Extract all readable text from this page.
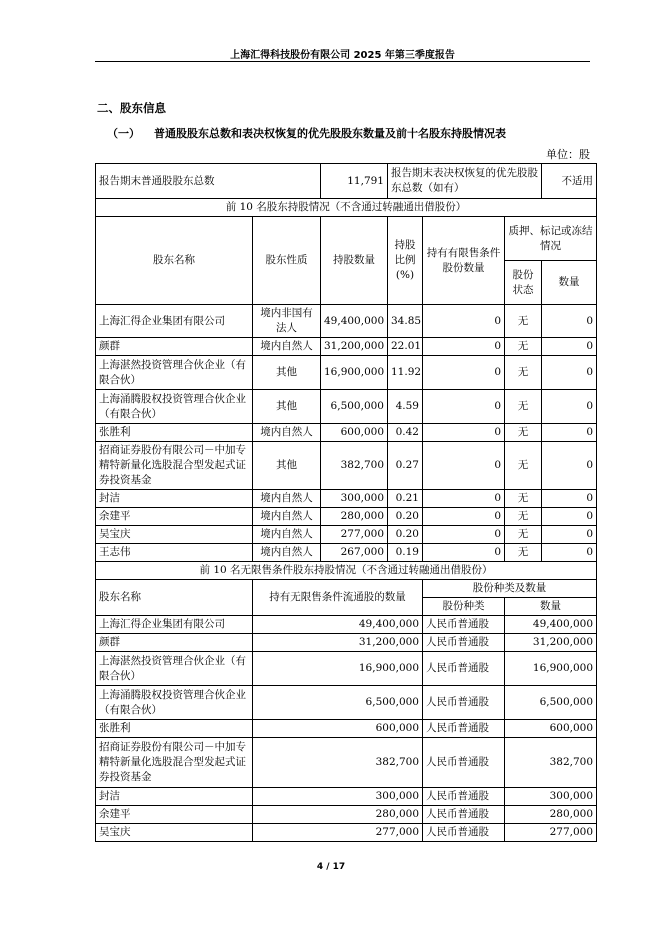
上海汇得科技股份有限公司 2025 年第三季度报告
二、股东信息
（一） 普通股股东总数和表决权恢复的优先股股东数量及前十名股东持股情况表
单位：股
报告期末普通股股东总数		11,791	报告期末表决权恢复的优先股股东总数（如有）			不适用
前 10 名股东持股情况（不含通过转融通出借股份）						
股东名称	股东性质	持股数量	持股比例(%)	持有有限售条件股份数量	质押、标记或冻结情况	
					股份状态	数量
上海汇得企业集团有限公司	境内非国有法人	49,400,000	34.85	0	无	0
颜群	境内自然人	31,200,000	22.01	0	无	0
上海湛然投资管理合伙企业（有限合伙）	其他	16,900,000	11.92	0	无	0
上海涌腾股权投资管理合伙企业（有限合伙）	其他	6,500,000	4.59	0	无	0
张胜利	境内自然人	600,000	0.42	0	无	0
招商证券股份有限公司－中加专精特新量化选股混合型发起式证券投资基金	其他	382,700	0.27	0	无	0
封洁	境内自然人	300,000	0.21	0	无	0
余建平	境内自然人	280,000	0.20	0	无	0
吴宝庆	境内自然人	277,000	0.20	0	无	0
王志伟	境内自然人	267,000	0.19	0	无	0
前 10 名无限售条件股东持股情况（不含通过转融通出借股份）						
股东名称	持有无限售条件流通股的数量			股份种类及数量		
				股份种类	数量	
上海汇得企业集团有限公司	49,400,000			人民币普通股	49,400,000	
颜群	31,200,000			人民币普通股	31,200,000	
上海湛然投资管理合伙企业（有限合伙）	16,900,000			人民币普通股	16,900,000	
上海涌腾股权投资管理合伙企业（有限合伙）	6,500,000			人民币普通股	6,500,000	
张胜利	600,000			人民币普通股	600,000	
招商证券股份有限公司－中加专精特新量化选股混合型发起式证券投资基金	382,700			人民币普通股	382,700	
封洁	300,000			人民币普通股	300,000	
余建平	280,000			人民币普通股	280,000	
吴宝庆	277,000			人民币普通股	277,000	
4 / 17
